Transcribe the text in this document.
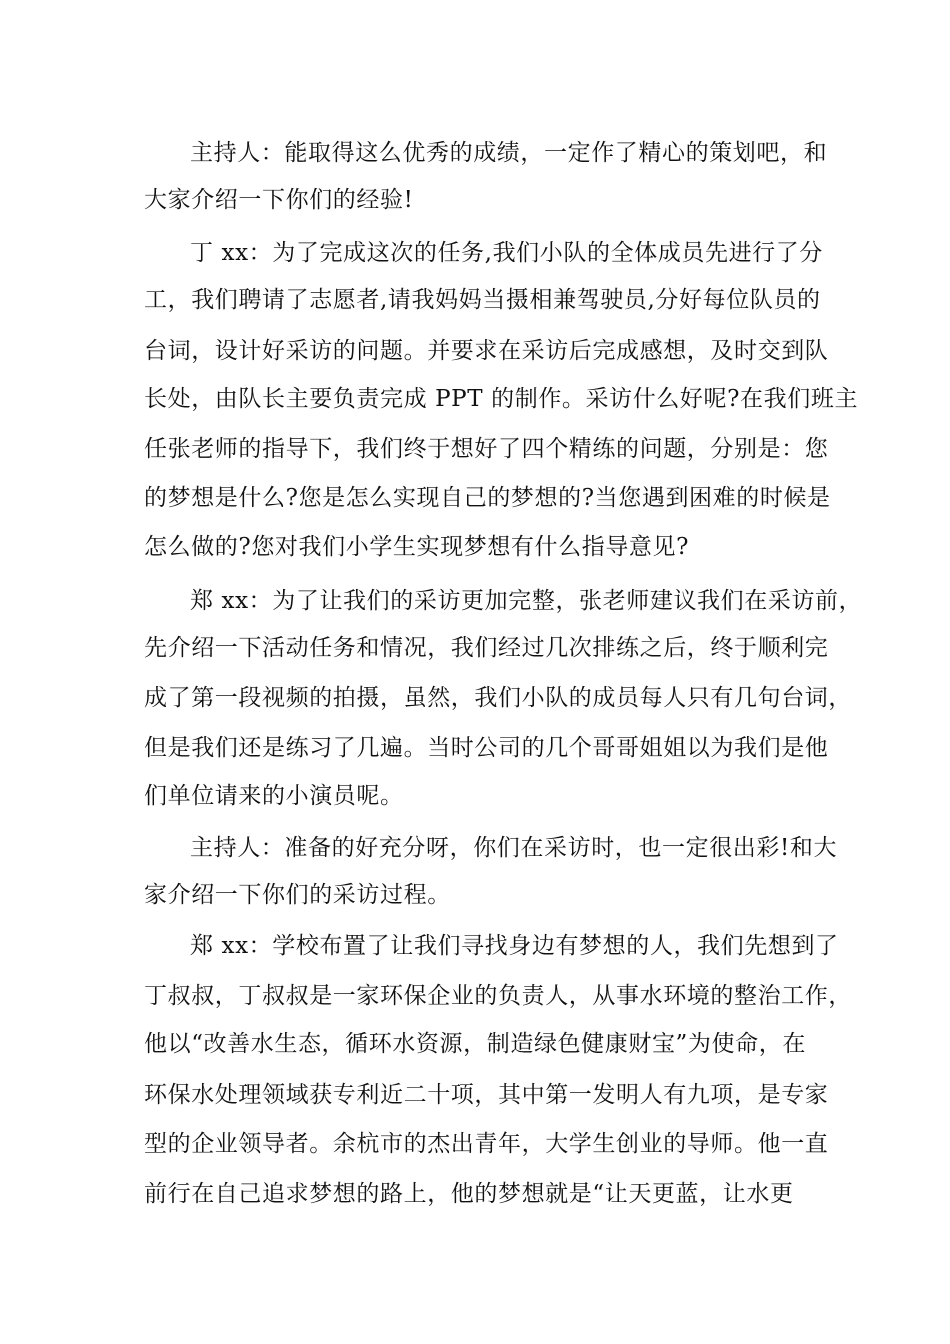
主持人：能取得这么优秀的成绩，一定作了精心的策划吧，和
大家介绍一下你们的经验!
丁 xx：为了完成这次的任务,我们小队的全体成员先进行了分
工，我们聘请了志愿者,请我妈妈当摄相兼驾驶员,分好每位队员的
台词，设计好采访的问题。并要求在采访后完成感想，及时交到队
长处，由队长主要负责完成 PPT 的制作。采访什么好呢?在我们班主
任张老师的指导下，我们终于想好了四个精练的问题，分别是：您
的梦想是什么?您是怎么实现自己的梦想的?当您遇到困难的时候是
怎么做的?您对我们小学生实现梦想有什么指导意见?
郑 xx：为了让我们的采访更加完整，张老师建议我们在采访前，
先介绍一下活动任务和情况，我们经过几次排练之后，终于顺利完
成了第一段视频的拍摄，虽然，我们小队的成员每人只有几句台词，
但是我们还是练习了几遍。当时公司的几个哥哥姐姐以为我们是他
们单位请来的小演员呢。
主持人：准备的好充分呀，你们在采访时，也一定很出彩!和大
家介绍一下你们的采访过程。
郑 xx：学校布置了让我们寻找身边有梦想的人，我们先想到了
丁叔叔，丁叔叔是一家环保企业的负责人，从事水环境的整治工作，
他以“改善水生态，循环水资源，制造绿色健康财宝”为使命，在
环保水处理领域获专利近二十项，其中第一发明人有九项，是专家
型的企业领导者。余杭市的杰出青年，大学生创业的导师。他一直
前行在自己追求梦想的路上，他的梦想就是“让天更蓝，让水更
